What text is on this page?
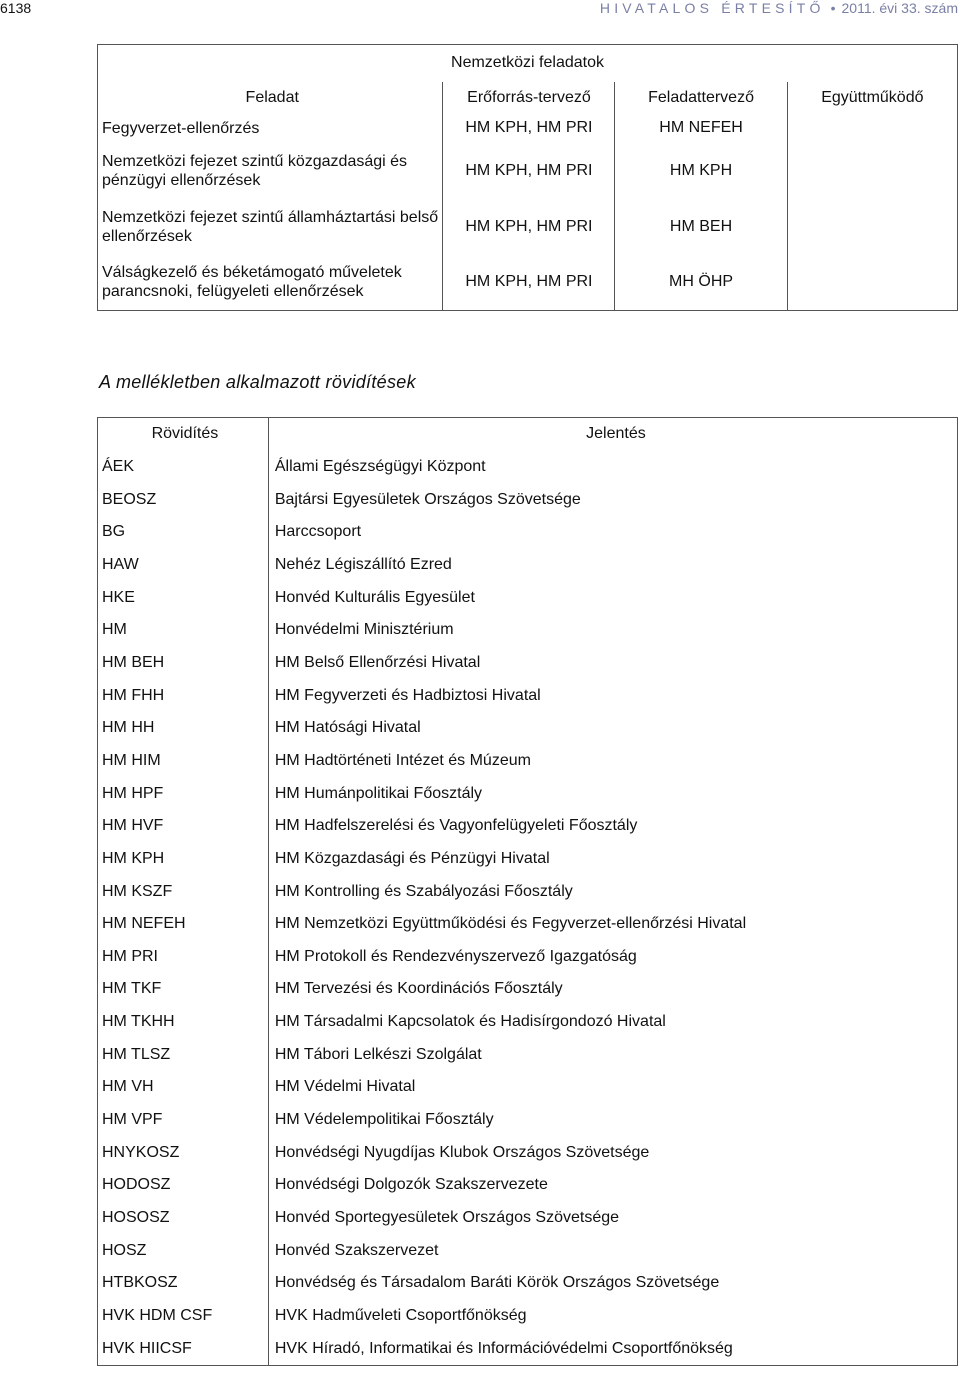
6138	HIVATALOS ÉRTESÍTŐ • 2011. évi 33. szám
Nemzetközi feladatok			
Feladat	Erőforrás-tervező	Feladattervező	Együttműködő
Fegyverzet-ellenőrzés	HM KPH, HM PRI	HM NEFEH	
Nemzetközi fejezet szintű közgazdasági és pénzügyi ellenőrzések	HM KPH, HM PRI	HM KPH	
Nemzetközi fejezet szintű államháztartási belső ellenőrzések	HM KPH, HM PRI	HM BEH	
Válságkezelő és béketámogató műveletek parancsnoki, felügyeleti ellenőrzések	HM KPH, HM PRI	MH ÖHP	
A mellékletben alkalmazott rövidítések
Rövidítés	Jelentés
ÁEK	Állami Egészségügyi Központ
BEOSZ	Bajtársi Egyesületek Országos Szövetsége
BG	Harccsoport
HAW	Nehéz Légiszállító Ezred
HKE	Honvéd Kulturális Egyesület
HM	Honvédelmi Minisztérium
HM BEH	HM Belső Ellenőrzési Hivatal
HM FHH	HM Fegyverzeti és Hadbiztosi Hivatal
HM HH	HM Hatósági Hivatal
HM HIM	HM Hadtörténeti Intézet és Múzeum
HM HPF	HM Humánpolitikai Főosztály
HM HVF	HM Hadfelszerelési és Vagyonfelügyeleti Főosztály
HM KPH	HM Közgazdasági és Pénzügyi Hivatal
HM KSZF	HM Kontrolling és Szabályozási Főosztály
HM NEFEH	HM Nemzetközi Együttműködési és Fegyverzet-ellenőrzési Hivatal
HM PRI	HM Protokoll és Rendezvényszervező Igazgatóság
HM TKF	HM Tervezési és Koordinációs Főosztály
HM TKHH	HM Társadalmi Kapcsolatok és Hadisírgondozó Hivatal
HM TLSZ	HM Tábori Lelkészi Szolgálat
HM VH	HM Védelmi Hivatal
HM VPF	HM Védelempolitikai Főosztály
HNYKOSZ	Honvédségi Nyugdíjas Klubok Országos Szövetsége
HODOSZ	Honvédségi Dolgozók Szakszervezete
HOSOSZ	Honvéd Sportegyesületek Országos Szövetsége
HOSZ	Honvéd Szakszervezet
HTBKOSZ	Honvédség és Társadalom Baráti Körök Országos Szövetsége
HVK HDM CSF	HVK Hadműveleti Csoportfőnökség
HVK HIICSF	HVK Híradó, Informatikai és Információvédelmi Csoportfőnökség
